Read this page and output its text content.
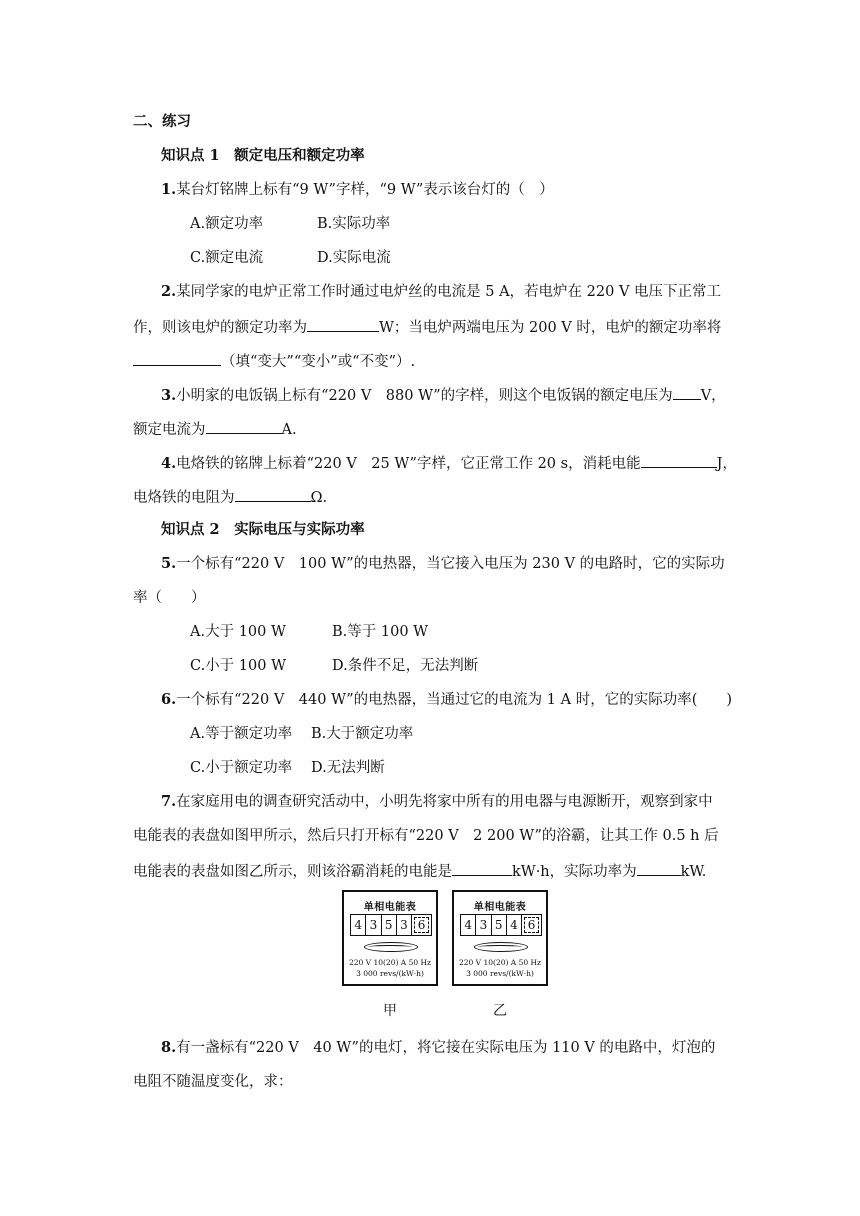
二、练习
知识点 1　额定电压和额定功率
1.某台灯铭牌上标有“9 W”字样，“9 W”表示该台灯的（　）
A.额定功率	B.实际功率
C.额定电流	D.实际电流
2.某同学家的电炉正常工作时通过电炉丝的电流是 5 A，若电炉在 220 V 电压下正常工
作，则该电炉的额定功率为	W；当电炉两端电压为 200 V 时，电炉的额定功率将
（填“变大”“变小”或“不变”）.
3.小明家的电饭锅上标有“220 V　880 W”的字样，则这个电饭锅的额定电压为 V，
额定电流为	A.
4.电烙铁的铭牌上标着“220 V　25 W”字样，它正常工作 20 s，消耗电能	J，
电烙铁的电阻为	Ω.
知识点 2　实际电压与实际功率
5.一个标有“220 V　100 W”的电热器，当它接入电压为 230 V 的电路时，它的实际功
率（　　）
A.大于 100 W	B.等于 100 W
C.小于 100 W	D.条件不足，无法判断
6.一个标有“220 V　440 W”的电热器，当通过它的电流为 1 A 时，它的实际功率(　　)
A.等于额定功率 B.大于额定功率
C.小于额定功率 D.无法判断
7.在家庭用电的调查研究活动中，小明先将家中所有的用电器与电源断开，观察到家中
电能表的表盘如图甲所示，然后只打开标有“220 V　2 200 W”的浴霸，让其工作 0.5 h 后
电能表的表盘如图乙所示，则该浴霸消耗的电能是	kW·h，实际功率为	kW.
单相电能表
4 3 5 3 6
220 V 10(20) A 50 Hz
3 000 revs/(kW·h)
单相电能表
4 3 5 4 6
220 V 10(20) A 50 Hz
3 000 revs/(kW·h)
甲	乙
8.有一盏标有“220 V　40 W”的电灯，将它接在实际电压为 110 V 的电路中，灯泡的
电阻不随温度变化，求：
